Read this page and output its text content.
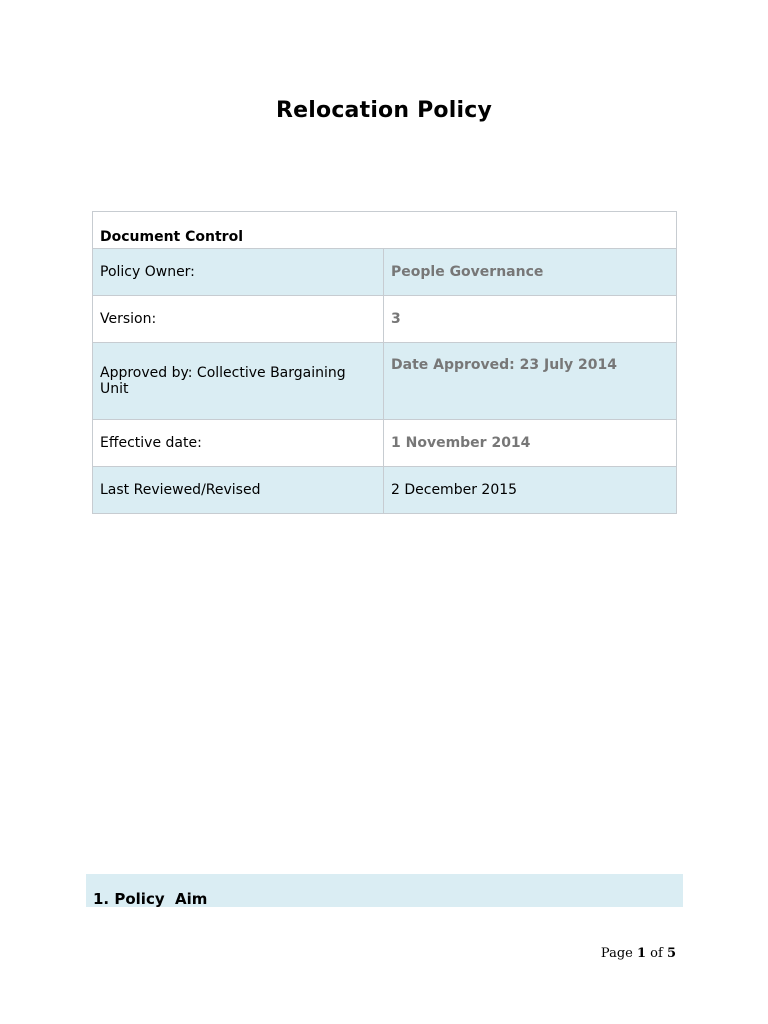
Relocation Policy
Document Control	
Policy Owner:	People Governance
Version:	3
Approved by: Collective Bargaining Unit	Date Approved: 23 July 2014
Effective date:	1 November 2014
Last Reviewed/Revised	2 December 2015
1. Policy  Aim
Page 1 of 5
